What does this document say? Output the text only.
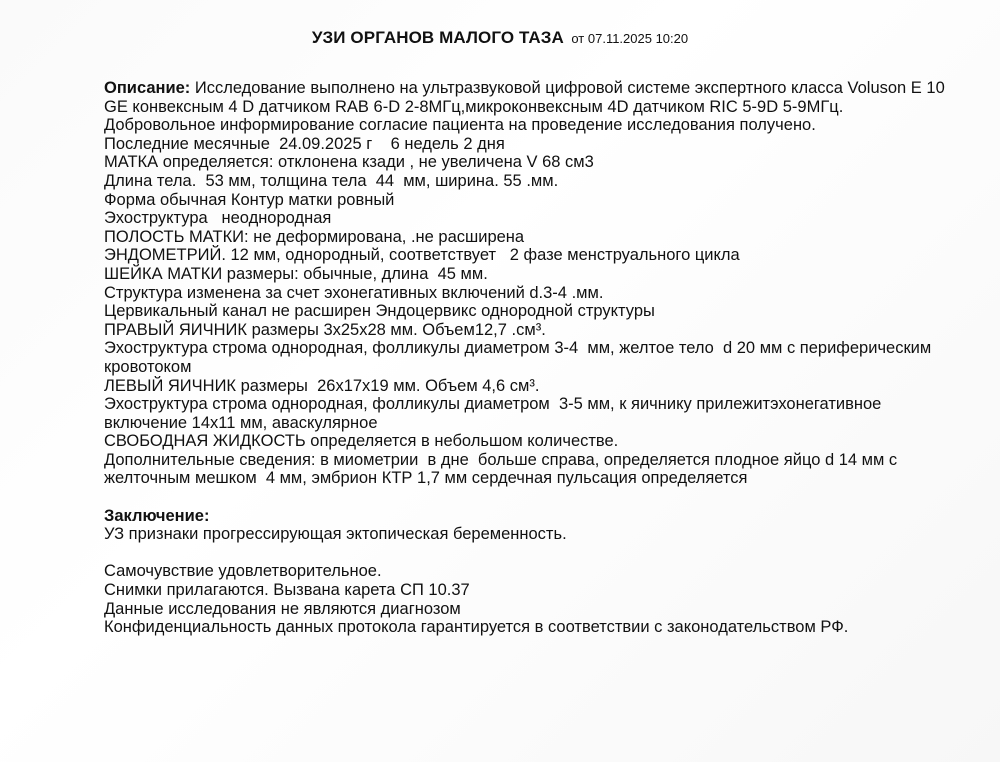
УЗИ ОРГАНОВ МАЛОГО ТАЗА от 07.11.2025 10:20

Описание: Исследование выполнено на ультразвуковой цифровой системе экспертного класса Voluson E 10 GE конвексным 4 D датчиком RAB 6-D 2-8МГц,микроконвексным 4D датчиком RIC 5-9D 5-9МГц. Добровольное информирование согласие пациента на проведение исследования получено.

Последние месячные  24.09.2025 г    6 недель 2 дня

МАТКА определяется: отклонена кзади , не увеличена V 68 см3

Длина тела.  53 мм, толщина тела  44  мм, ширина. 55 .мм.

Форма обычная Контур матки ровный

Эхоструктура   неоднородная

ПОЛОСТЬ МАТКИ: не деформирована, .не расширена

ЭНДОМЕТРИЙ. 12 мм, однородный, соответствует   2 фазе менструального цикла

ШЕЙКА МАТКИ размеры: обычные, длина  45 мм.

Структура изменена за счет эхонегативных включений d.3-4 .мм.

Цервикальный канал не расширен Эндоцервикс однородной структуры

ПРАВЫЙ ЯИЧНИК размеры 3х25х28 мм. Объем12,7 .см³.

Эхоструктура строма однородная, фолликулы диаметром 3-4  мм, желтое тело  d 20 мм с периферическим кровотоком

ЛЕВЫЙ ЯИЧНИК размеры  26х17х19 мм. Объем 4,6 см³.

Эхоструктура строма однородная, фолликулы диаметром  3-5 мм, к яичнику прилежитэхонегативное включение 14х11 мм, аваскулярное

СВОБОДНАЯ ЖИДКОСТЬ определяется в небольшом количестве.

Дополнительные сведения: в миометрии  в дне  больше справа, определяется плодное яйцо d 14 мм с желточным мешком  4 мм, эмбрион КТР 1,7 мм сердечная пульсация определяется

Заключение:

УЗ признаки прогрессирующая эктопическая беременность.

Самочувствие удовлетворительное.

Снимки прилагаются. Вызвана карета СП 10.37

Данные исследования не являются диагнозом

Конфиденциальность данных протокола гарантируется в соответствии с законодательством РФ.
